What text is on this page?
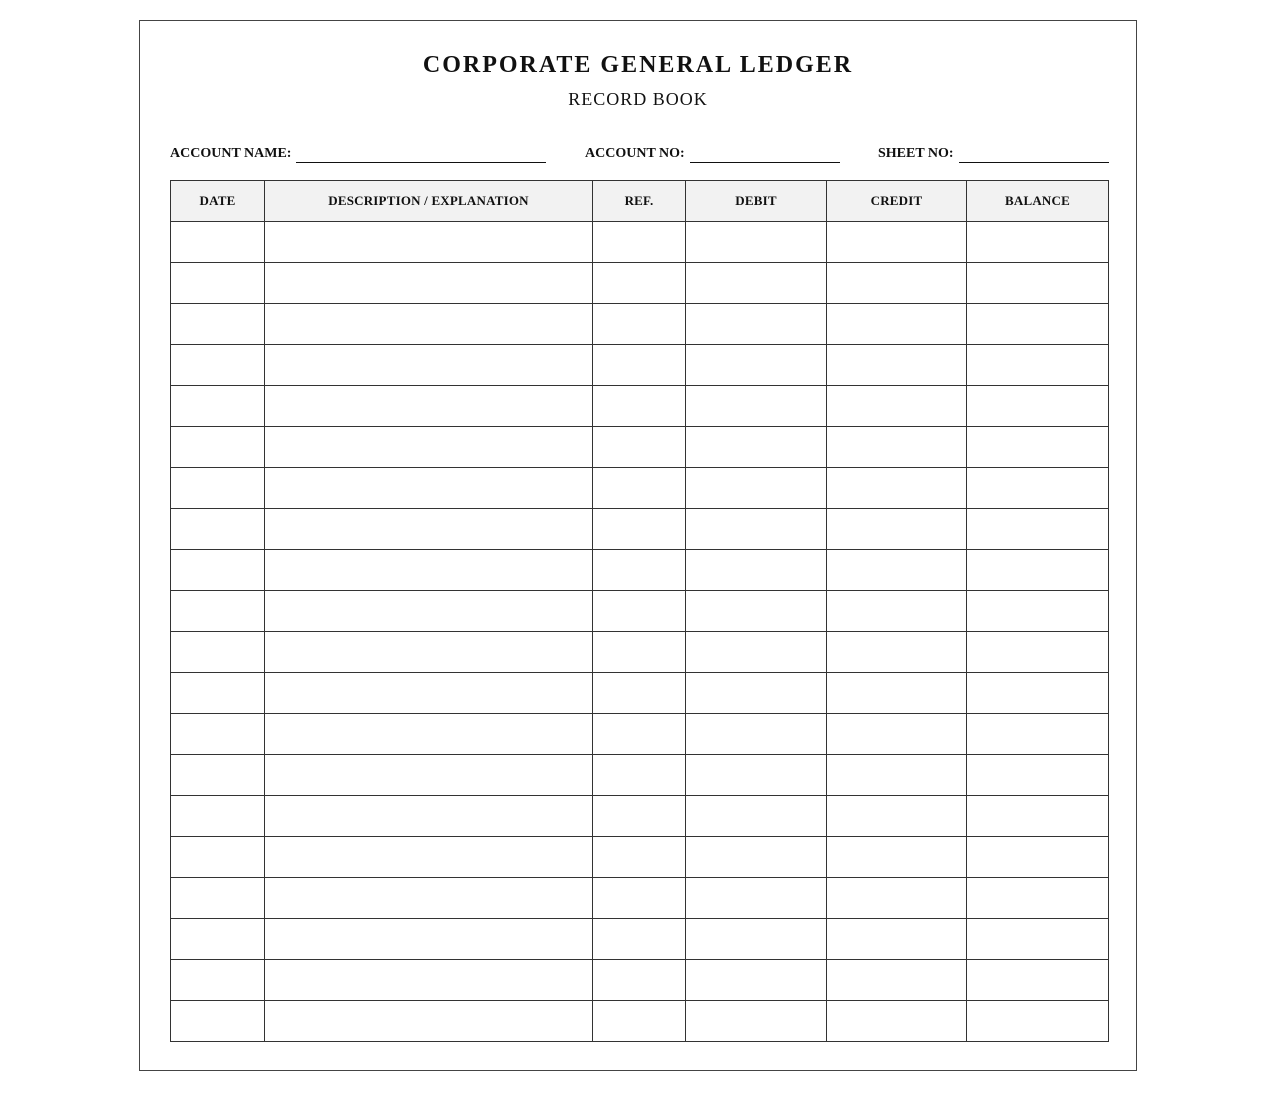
CORPORATE GENERAL LEDGER
RECORD BOOK
ACCOUNT NAME:	ACCOUNT NO:	SHEET NO:
DATE	DESCRIPTION / EXPLANATION	REF.	DEBIT	CREDIT	BALANCE
